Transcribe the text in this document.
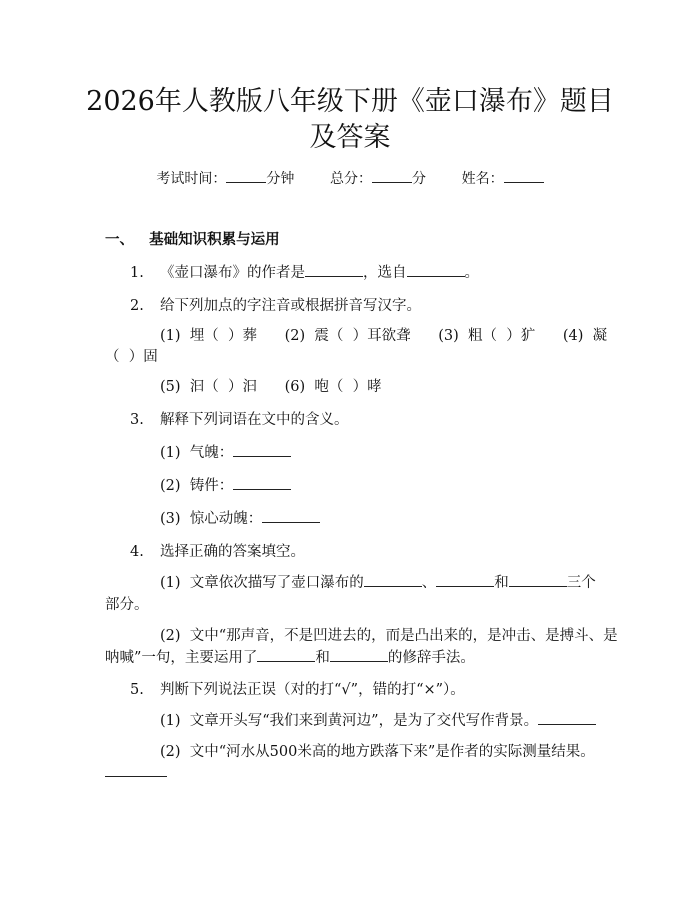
2026年人教版八年级下册《壶口瀑布》题目
及答案
考试时间：	分钟	总分：	分	姓名：
一、   基础知识积累与运用
1. 《壶口瀑布》的作者是	，选自	。
2. 给下列加点的字注音或根据拼音写汉字。
(1)  埋（  ）葬      (2)  震（  ）耳欲聋      (3)  粗（  ）犷      (4)  凝
（  ）固
(5)  汩（  ）汩      (6)  咆（  ）哮
3. 解释下列词语在文中的含义。
(1)  气魄：
(2)  铸件：
(3)  惊心动魄：
4. 选择正确的答案填空。
(1)  文章依次描写了壶口瀑布的	、	和	三个
部分。
(2)  文中“那声音，不是凹进去的，而是凸出来的，是冲击、是搏斗、是
呐喊”一句，主要运用了	和	的修辞手法。
5. 判断下列说法正误（对的打“√”，错的打“×”）。
(1)  文章开头写“我们来到黄河边”，是为了交代写作背景。
(2)  文中“河水从500米高的地方跌落下来”是作者的实际测量结果。
